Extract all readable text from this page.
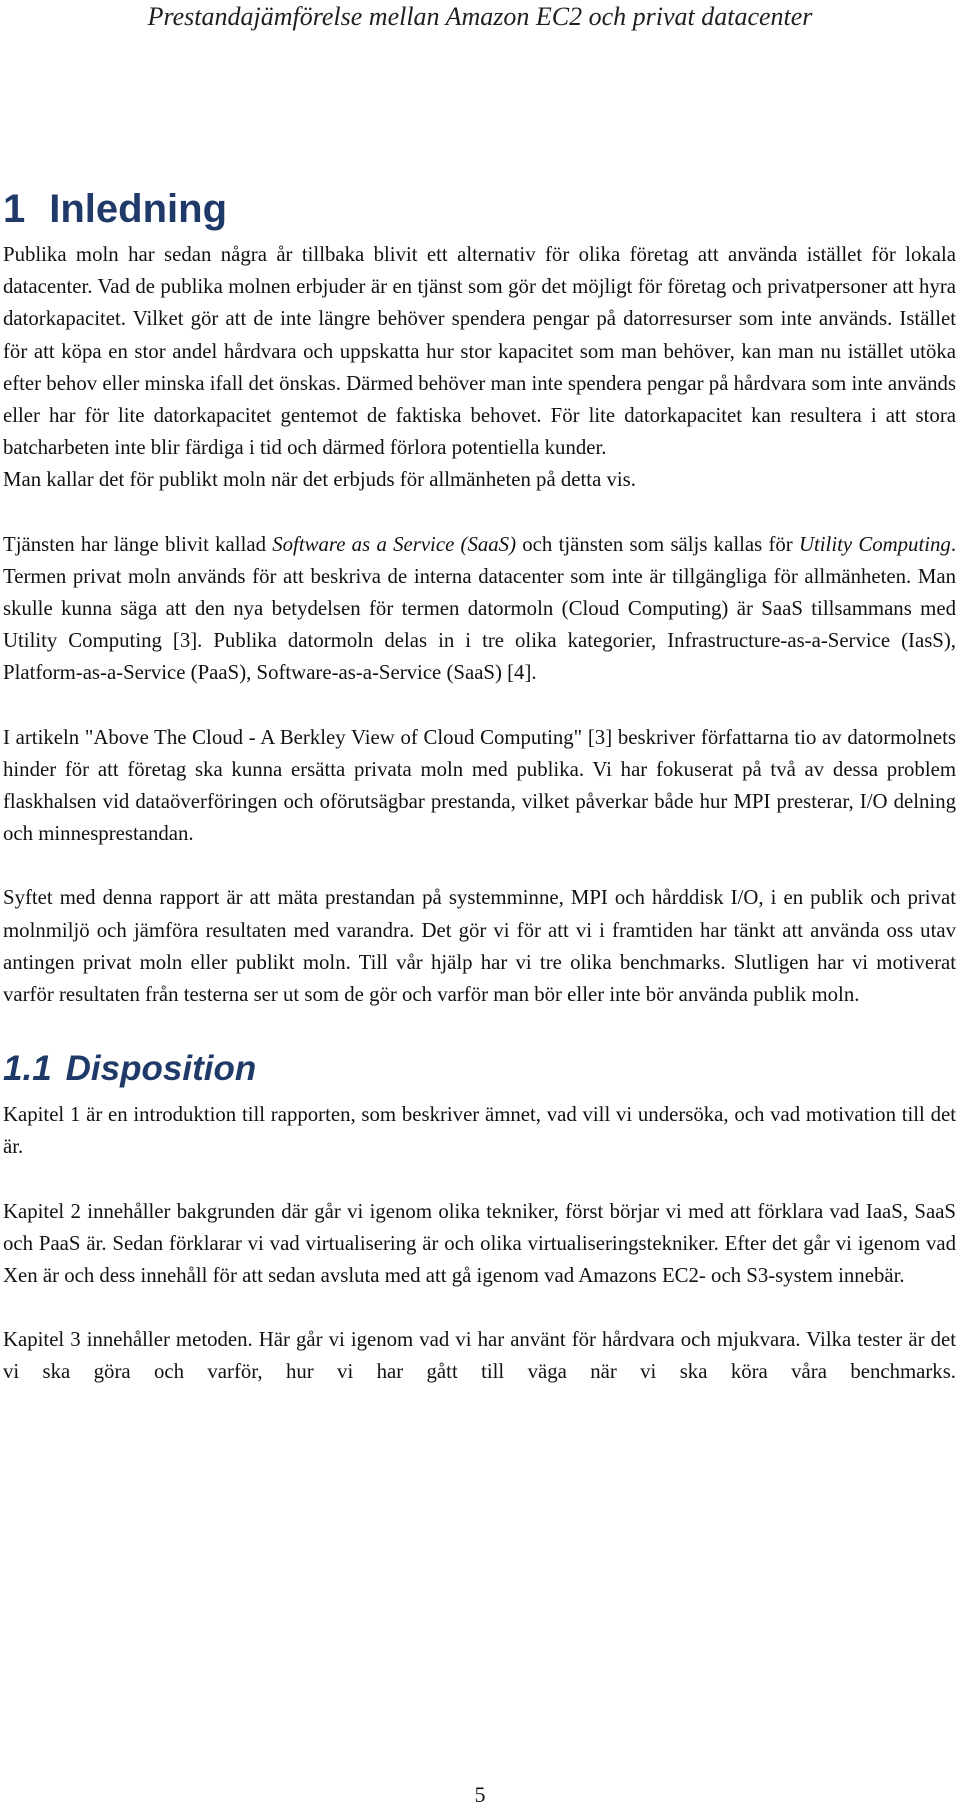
Prestandajämförelse mellan Amazon EC2 och privat datacenter
1 Inledning

Publika moln har sedan några år tillbaka blivit ett alternativ för olika företag att använda istället för lokala datacenter. Vad de publika molnen erbjuder är en tjänst som gör det möjligt för företag och privatpersoner att hyra datorkapacitet. Vilket gör att de inte längre behöver spendera pengar på datorresurser som inte används. Istället för att köpa en stor andel hårdvara och uppskatta hur stor kapacitet som man behöver, kan man nu istället utöka efter behov eller minska ifall det önskas. Därmed behöver man inte spendera pengar på hårdvara som inte används eller har för lite datorkapacitet gentemot de faktiska behovet. För lite datorkapacitet kan resultera i att stora batcharbeten inte blir färdiga i tid och därmed förlora potentiella kunder.

Man kallar det för publikt moln när det erbjuds för allmänheten på detta vis.

Tjänsten har länge blivit kallad Software as a Service (SaaS) och tjänsten som säljs kallas för Utility Computing. Termen privat moln används för att beskriva de interna datacenter som inte är tillgängliga för allmänheten. Man skulle kunna säga att den nya betydelsen för termen datormoln (Cloud Computing) är SaaS tillsammans med Utility Computing [3]. Publika datormoln delas in i tre olika kategorier, Infrastructure-as-a-Service (IasS), Platform-as-a-Service (PaaS), Software-as-a-Service (SaaS) [4].

I artikeln "Above The Cloud - A Berkley View of Cloud Computing" [3] beskriver författarna tio av datormolnets hinder för att företag ska kunna ersätta privata moln med publika. Vi har fokuserat på två av dessa problem flaskhalsen vid dataöverföringen och oförutsägbar prestanda, vilket påverkar både hur MPI presterar, I/O delning och minnesprestandan.

Syftet med denna rapport är att mäta prestandan på systemminne, MPI och hårddisk I/O, i en publik och privat molnmiljö och jämföra resultaten med varandra. Det gör vi för att vi i framtiden har tänkt att använda oss utav antingen privat moln eller publikt moln. Till vår hjälp har vi tre olika benchmarks. Slutligen har vi motiverat varför resultaten från testerna ser ut som de gör och varför man bör eller inte bör använda publik moln.

1.1 Disposition

Kapitel 1 är en introduktion till rapporten, som beskriver ämnet, vad vill vi undersöka, och vad motivation till det är.

Kapitel 2 innehåller bakgrunden där går vi igenom olika tekniker, först börjar vi med att förklara vad IaaS, SaaS och PaaS är. Sedan förklarar vi vad virtualisering är och olika virtualiseringstekniker. Efter det går vi igenom vad Xen är och dess innehåll för att sedan avsluta med att gå igenom vad Amazons EC2- och S3-system innebär.

Kapitel 3 innehåller metoden. Här går vi igenom vad vi har använt för hårdvara och mjukvara. Vilka tester är det vi ska göra och varför, hur vi har gått till väga när vi ska köra våra benchmarks.

5
